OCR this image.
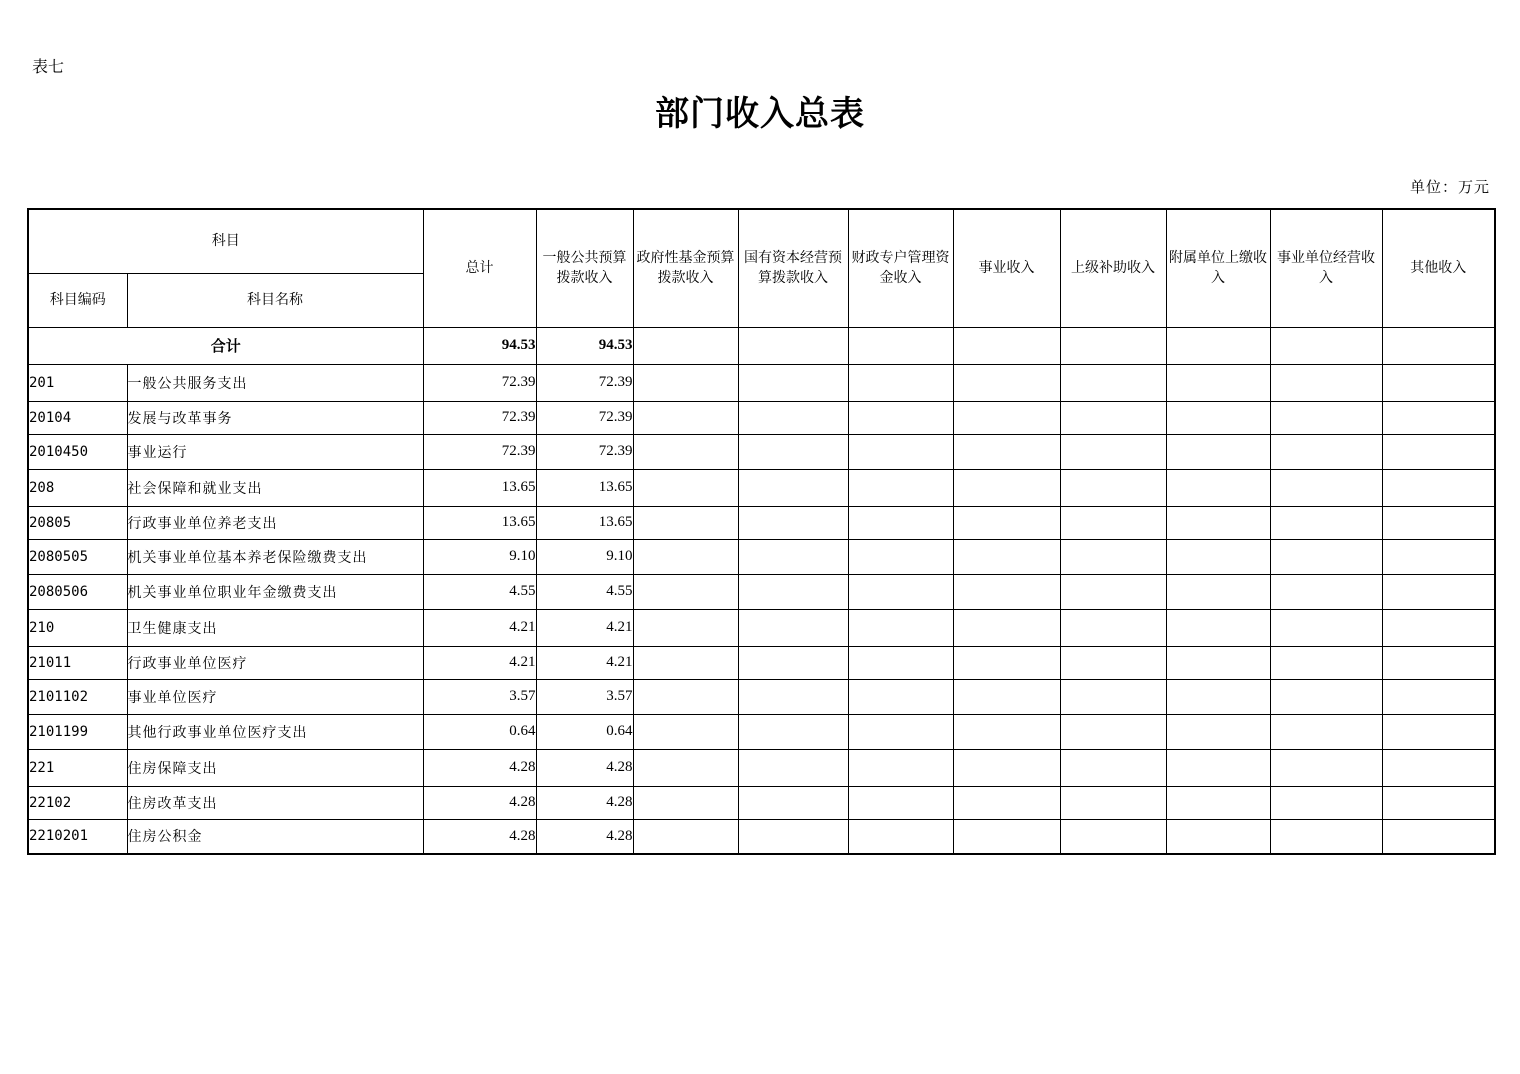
表七
部门收入总表
单位：万元
科目		总计	一般公共预算拨款收入	政府性基金预算拨款收入	国有资本经营预算拨款收入	财政专户管理资金收入	事业收入	上级补助收入	附属单位上缴收入	事业单位经营收入	其他收入
科目编码	科目名称										
合计		94.53	94.53								
201	一般公共服务支出	72.39	72.39								
20104	发展与改革事务	72.39	72.39								
2010450	事业运行	72.39	72.39								
208	社会保障和就业支出	13.65	13.65								
20805	行政事业单位养老支出	13.65	13.65								
2080505	机关事业单位基本养老保险缴费支出	9.10	9.10								
2080506	机关事业单位职业年金缴费支出	4.55	4.55								
210	卫生健康支出	4.21	4.21								
21011	行政事业单位医疗	4.21	4.21								
2101102	事业单位医疗	3.57	3.57								
2101199	其他行政事业单位医疗支出	0.64	0.64								
221	住房保障支出	4.28	4.28								
22102	住房改革支出	4.28	4.28								
2210201	住房公积金	4.28	4.28								
